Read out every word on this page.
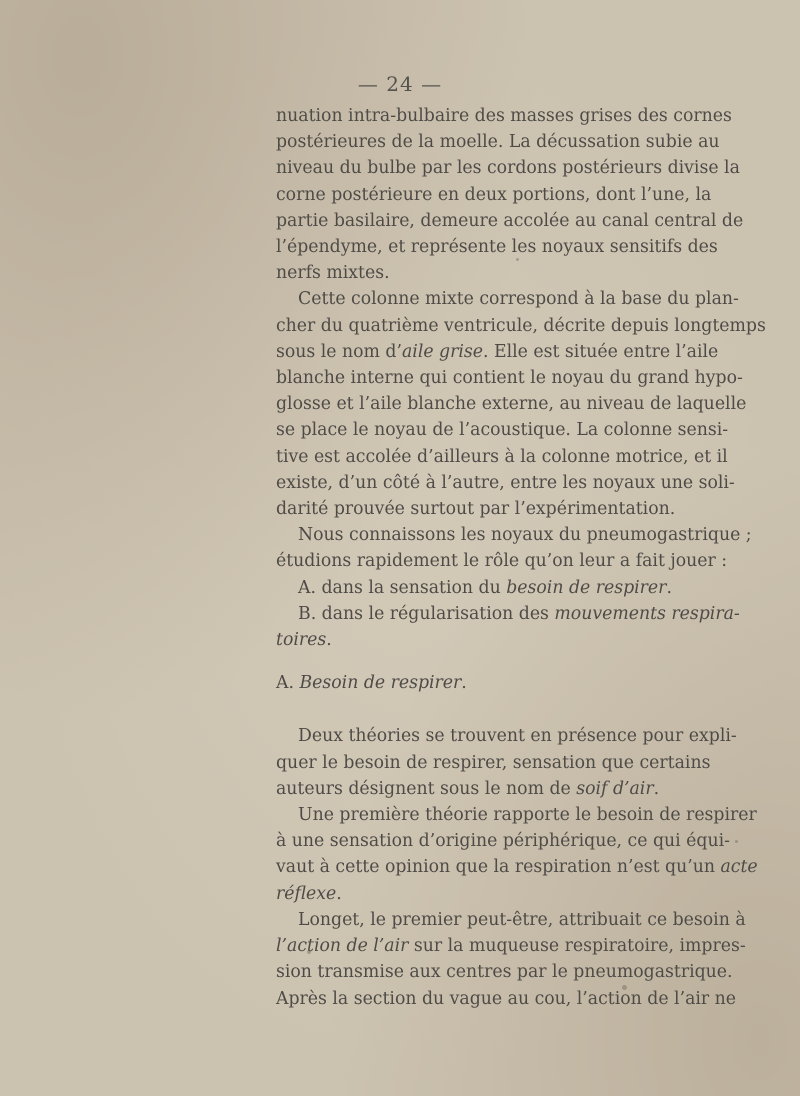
— 24 —
nuation intra-bulbaire des masses grises des cornes
postérieures de la moelle. La décussation subie au
niveau du bulbe par les cordons postérieurs divise la
corne postérieure en deux portions, dont l’une, la
partie basilaire, demeure accolée au canal central de
l’épendyme, et représente les noyaux sensitifs des
nerfs mixtes.
Cette colonne mixte correspond à la base du plan-
cher du quatrième ventricule, décrite depuis longtemps
sous le nom d’aile grise. Elle est située entre l’aile
blanche interne qui contient le noyau du grand hypo-
glosse et l’aile blanche externe, au niveau de laquelle
se place le noyau de l’acoustique. La colonne sensi-
tive est accolée d’ailleurs à la colonne motrice, et il
existe, d’un côté à l’autre, entre les noyaux une soli-
darité prouvée surtout par l’expérimentation.
Nous connaissons les noyaux du pneumogastrique ;
étudions rapidement le rôle qu’on leur a fait jouer :
A. dans la sensation du besoin de respirer.
B. dans le régularisation des mouvements respira-
toires.

A. Besoin de respirer.

Deux théories se trouvent en présence pour expli-
quer le besoin de respirer, sensation que certains
auteurs désignent sous le nom de soif d’air.
Une première théorie rapporte le besoin de respirer
à une sensation d’origine périphérique, ce qui équi-
vaut à cette opinion que la respiration n’est qu’un acte
réflexe.
Longet, le premier peut-être, attribuait ce besoin à
l’action de l’air sur la muqueuse respiratoire, impres-
sion transmise aux centres par le pneumogastrique.
Après la section du vague au cou, l’action de l’air ne
